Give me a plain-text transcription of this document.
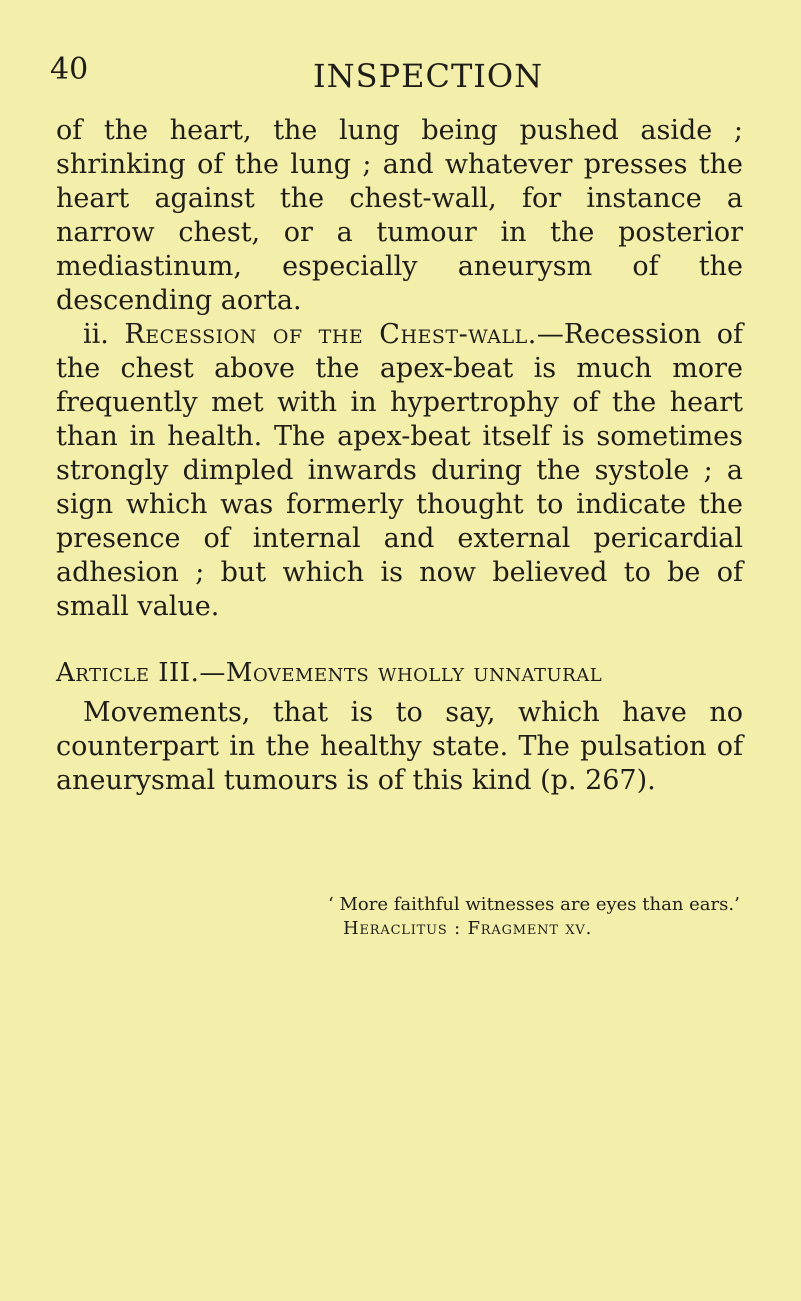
40	INSPECTION

of the heart, the lung being pushed aside ; shrinking of the lung ; and whatever presses the heart against the chest-wall, for instance a narrow chest, or a tumour in the posterior mediastinum, especially aneurysm of the descending aorta.

ii. Recession of the Chest-wall.—Recession of the chest above the apex-beat is much more frequently met with in hypertrophy of the heart than in health. The apex-beat itself is sometimes strongly dimpled inwards during the systole ; a sign which was formerly thought to indicate the presence of internal and external pericardial adhesion ; but which is now believed to be of small value.

Article III.—Movements wholly unnatural

Movements, that is to say, which have no counterpart in the healthy state. The pulsation of aneurysmal tumours is of this kind (p. 267).

‘ More faithful witnesses are eyes than ears.’
Heraclitus : Fragment xv.
